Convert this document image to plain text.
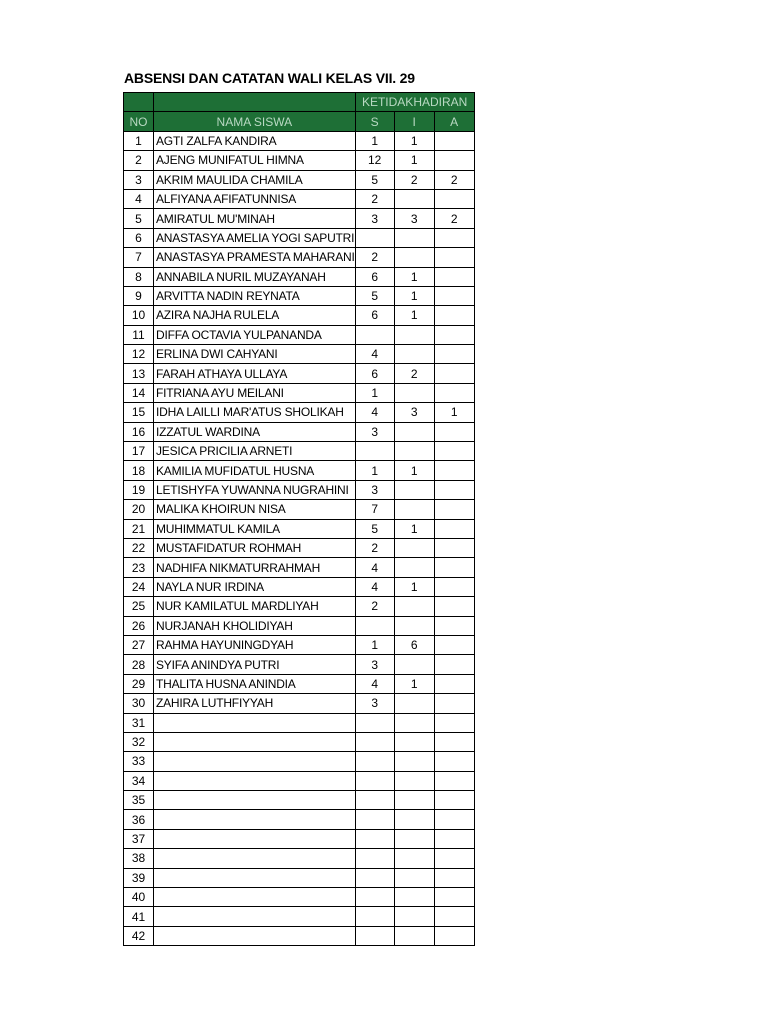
ABSENSI DAN CATATAN WALI KELAS VII. 29
		KETIDAKHADIRAN		
NO	NAMA SISWA	S	I	A
1	AGTI ZALFA KANDIRA	1	1	
2	AJENG MUNIFATUL HIMNA	12	1	
3	AKRIM MAULIDA CHAMILA	5	2	2
4	ALFIYANA AFIFATUNNISA	2		
5	AMIRATUL MU'MINAH	3	3	2
6	ANASTASYA AMELIA YOGI SAPUTRI			
7	ANASTASYA PRAMESTA MAHARANI	2		
8	ANNABILA NURIL MUZAYANAH	6	1	
9	ARVITTA NADIN REYNATA	5	1	
10	AZIRA NAJHA RULELA	6	1	
11	DIFFA OCTAVIA YULPANANDA			
12	ERLINA DWI CAHYANI	4		
13	FARAH ATHAYA ULLAYA	6	2	
14	FITRIANA AYU MEILANI	1		
15	IDHA LAILLI MAR'ATUS SHOLIKAH	4	3	1
16	IZZATUL WARDINA	3		
17	JESICA PRICILIA ARNETI			
18	KAMILIA MUFIDATUL HUSNA	1	1	
19	LETISHYFA YUWANNA NUGRAHINI	3		
20	MALIKA KHOIRUN NISA	7		
21	MUHIMMATUL KAMILA	5	1	
22	MUSTAFIDATUR ROHMAH	2		
23	NADHIFA NIKMATURRAHMAH	4		
24	NAYLA NUR IRDINA	4	1	
25	NUR KAMILATUL MARDLIYAH	2		
26	NURJANAH KHOLIDIYAH			
27	RAHMA HAYUNINGDYAH	1	6	
28	SYIFA ANINDYA PUTRI	3		
29	THALITA HUSNA ANINDIA	4	1	
30	ZAHIRA LUTHFIYYAH	3		
31				
32				
33				
34				
35				
36				
37				
38				
39				
40				
41				
42				
